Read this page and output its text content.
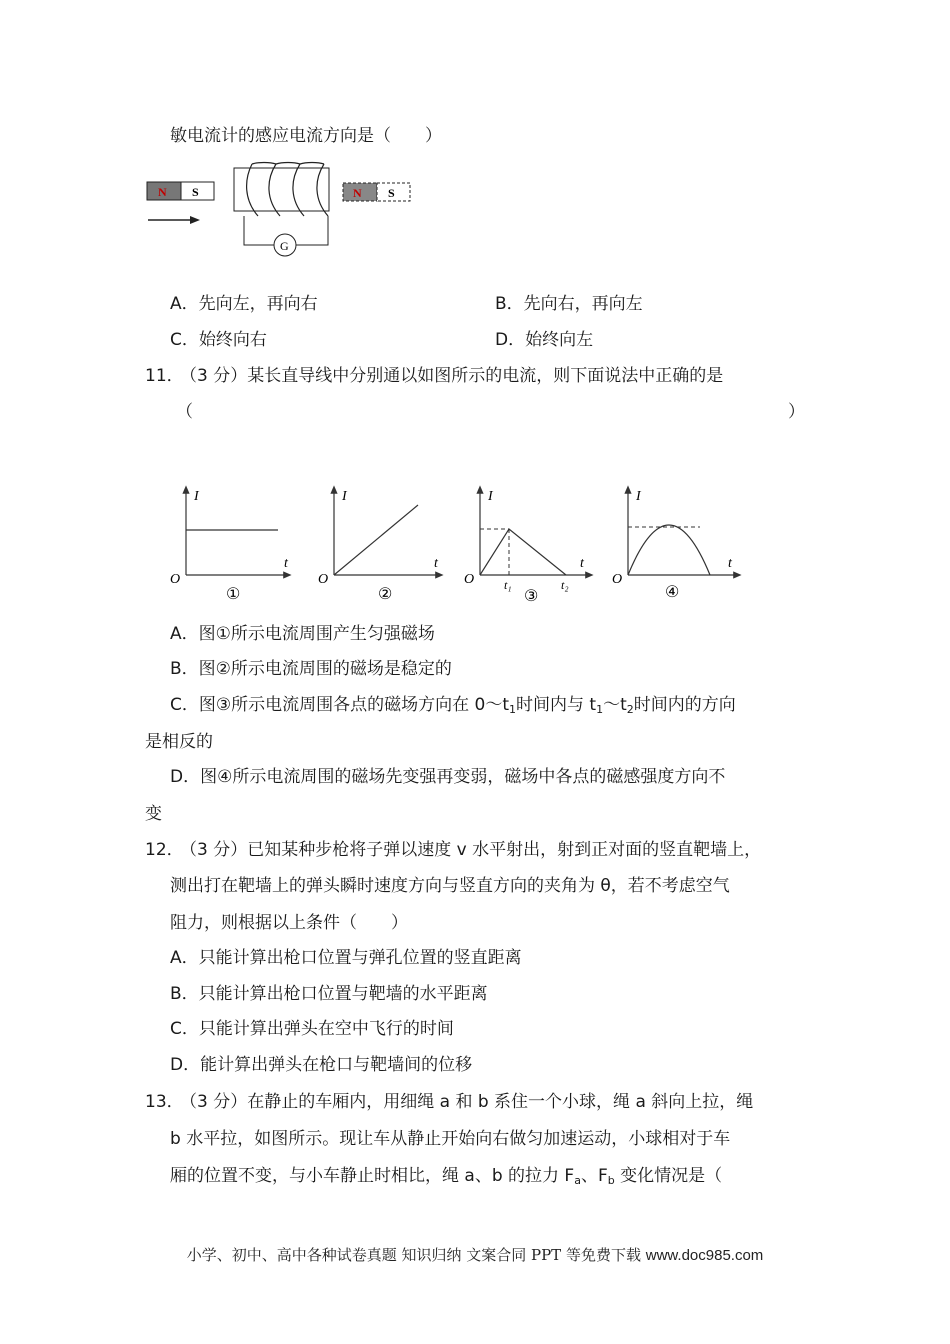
敏电流计的感应电流方向是（　　）
N S
G
N S
A．先向左，再向右	B．先向右，再向左
C．始终向右	D．始终向左
11．
（3 分）某长直导线中分别通以如图所示的电流，则下面说法中正确的是
（	）
I
t
O
①
I
t
O
②
I
t
O t₁	t₂
③
I
t
O
④
A．图①所示电流周围产生匀强磁场
B．图②所示电流周围的磁场是稳定的
C．图③所示电流周围各点的磁场方向在 $0\sim t_1$时间内与 $t_1\sim t_2$时间内的方向
是相反的
D．图④所示电流周围的磁场先变强再变弱，磁场中各点的磁感强度方向不
变
12．
（3 分）已知某种步枪将子弹以速度 v 水平射出，射到正对面的竖直靶墙上，
测出打在靶墙上的弹头瞬时速度方向与竖直方向的夹角为 θ，若不考虑空气
阻力，则根据以上条件（　　）
A．只能计算出枪口位置与弹孔位置的竖直距离
B．只能计算出枪口位置与靶墙的水平距离
C．只能计算出弹头在空中飞行的时间
D．能计算出弹头在枪口与靶墙间的位移
13．
（3 分）在静止的车厢内，用细绳 a 和 b 系住一个小球，绳 a 斜向上拉，绳
b 水平拉，如图所示。现让车从静止开始向右做匀加速运动，小球相对于车
厢的位置不变，与小车静止时相比，绳 a、b 的拉力 $F_a$、$F_b$ 变化情况是（
小学、初中、高中各种试卷真题 知识归纳 文案合同 PPT 等免费下载 www.doc985.com
